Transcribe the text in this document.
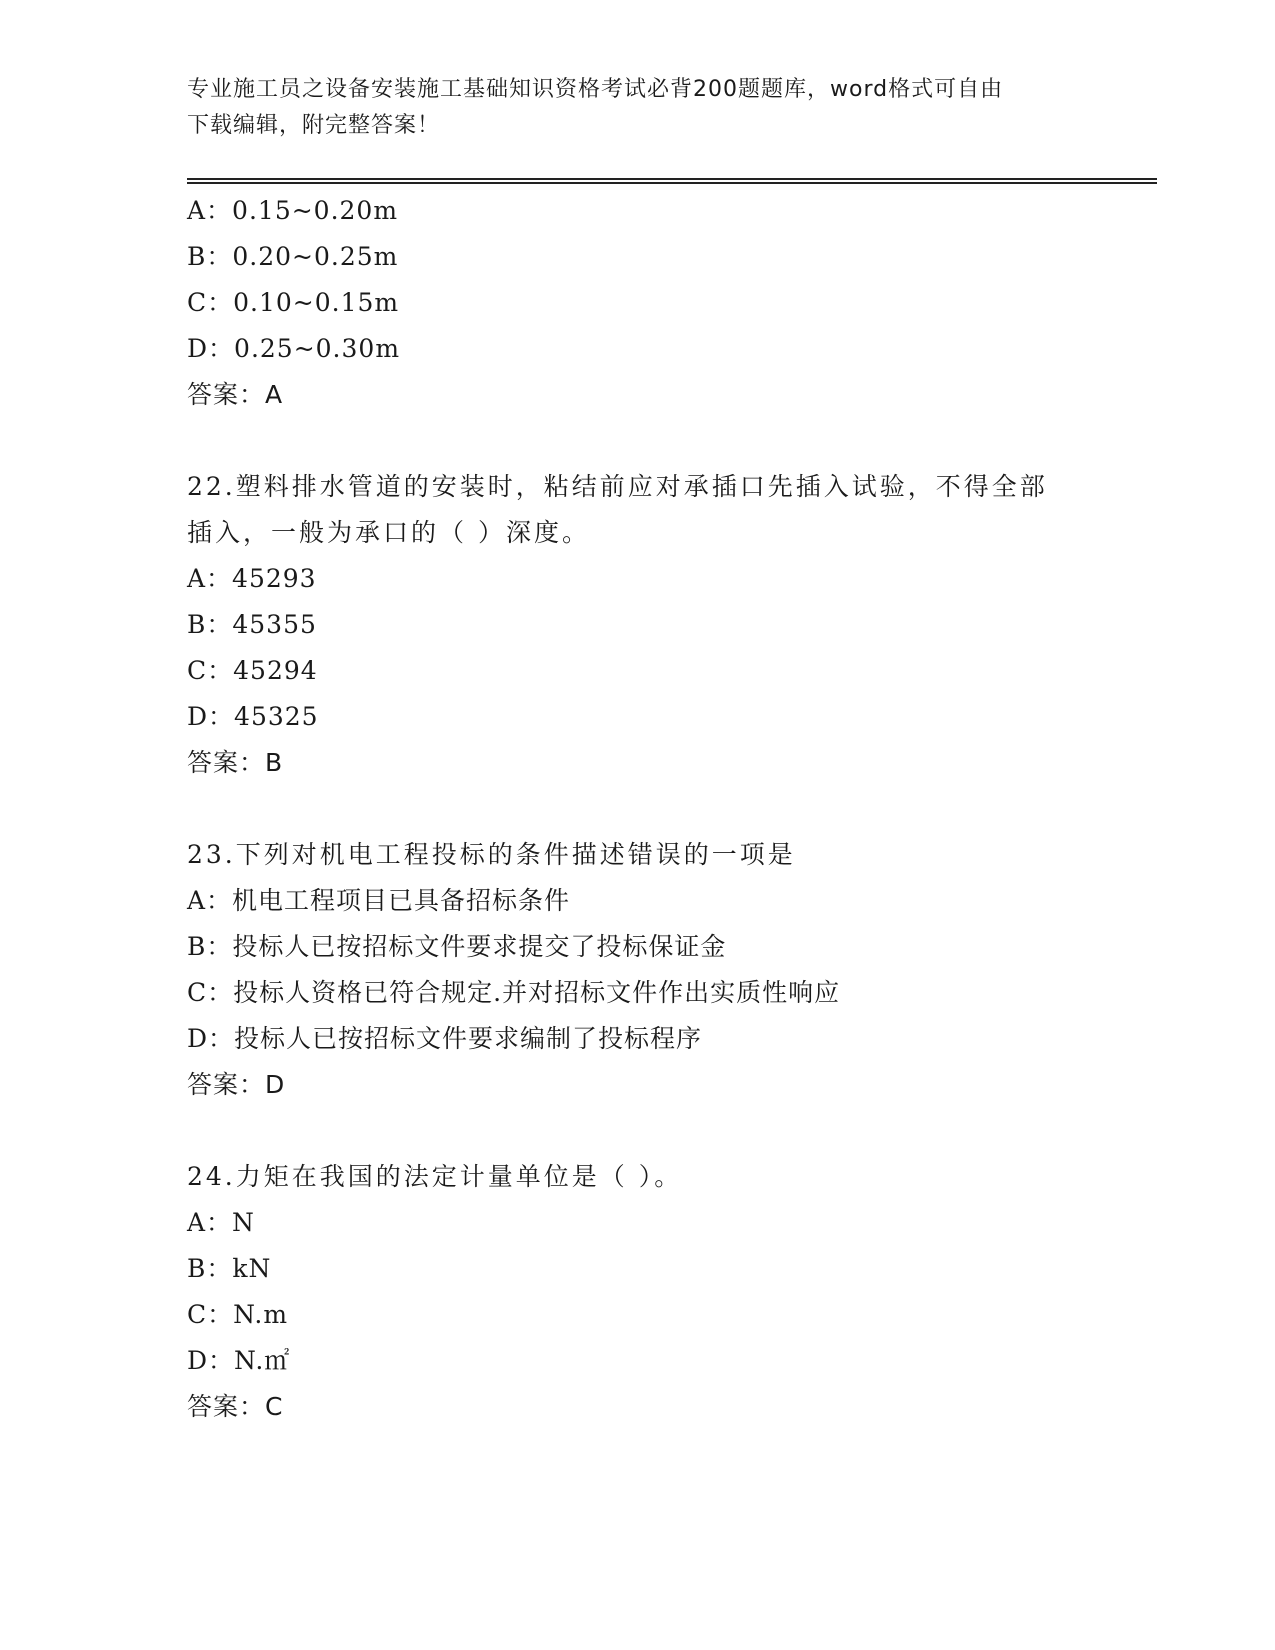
专业施工员之设备安装施工基础知识资格考试必背200题题库，word格式可自由
下载编辑，附完整答案！
A：0.15~0.20m
B：0.20~0.25m
C：0.10~0.15m
D：0.25~0.30m
答案：A
22.塑料排水管道的安装时，粘结前应对承插口先插入试验，不得全部
插入，一般为承口的（ ）深度。
A：45293
B：45355
C：45294
D：45325
答案：B
23.下列对机电工程投标的条件描述错误的一项是
A：机电工程项目已具备招标条件
B：投标人已按招标文件要求提交了投标保证金
C：投标人资格已符合规定.并对招标文件作出实质性响应
D：投标人已按招标文件要求编制了投标程序
答案：D
24.力矩在我国的法定计量单位是（ ）。
A：N
B：kN
C：N.m
D：N.㎡
答案：C
